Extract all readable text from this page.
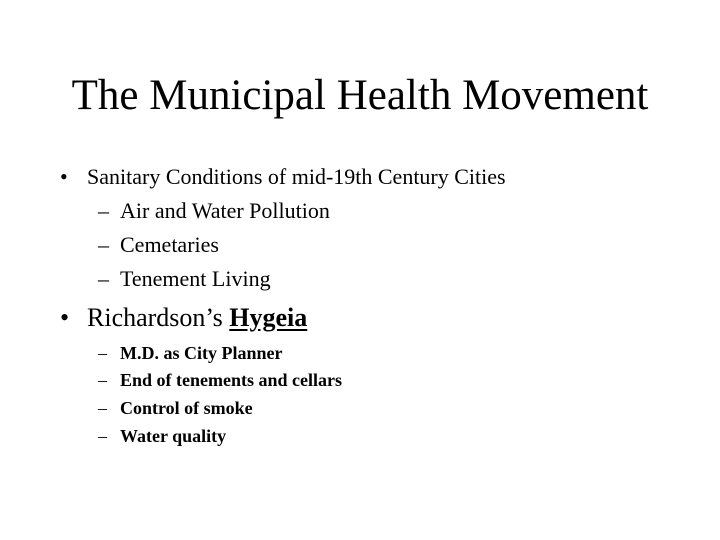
The Municipal Health Movement
• Sanitary Conditions of mid-19th Century Cities
– Air and Water Pollution
– Cemetaries
– Tenement Living
• Richardson’s Hygeia
– M.D. as City Planner
– End of tenements and cellars
– Control of smoke
– Water quality
